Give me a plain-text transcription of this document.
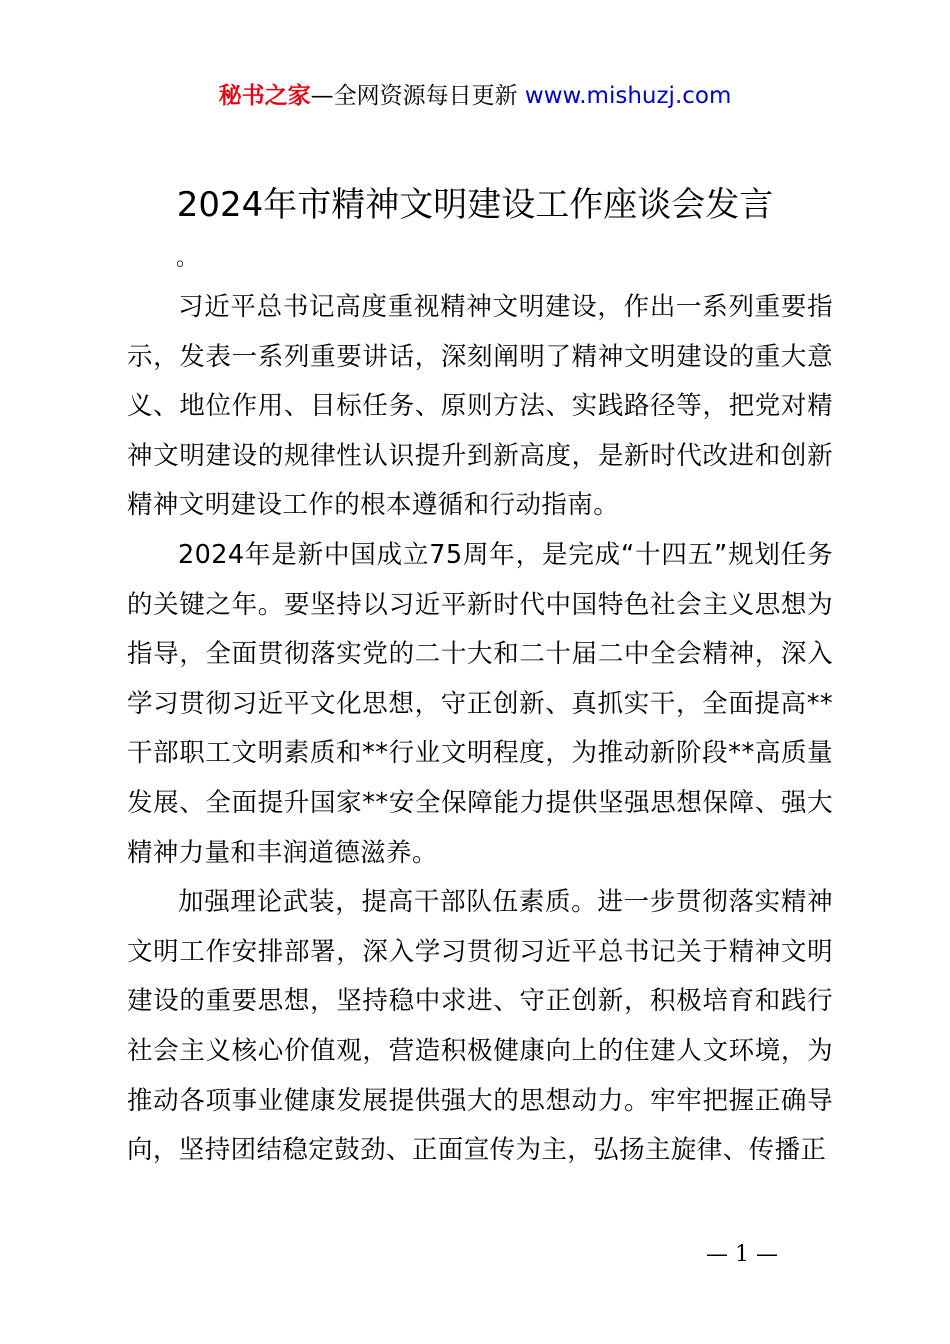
秘书之家—全网资源每日更新 www.mishuzj.com
2024年市精神文明建设工作座谈会发言
。

习近平总书记高度重视精神文明建设，作出一系列重要指示，发表一系列重要讲话，深刻阐明了精神文明建设的重大意义、地位作用、目标任务、原则方法、实践路径等，把党对精神文明建设的规律性认识提升到新高度，是新时代改进和创新精神文明建设工作的根本遵循和行动指南。

2024年是新中国成立75周年，是完成“十四五”规划任务的关键之年。要坚持以习近平新时代中国特色社会主义思想为指导，全面贯彻落实党的二十大和二十届二中全会精神，深入学习贯彻习近平文化思想，守正创新、真抓实干，全面提高**干部职工文明素质和**行业文明程度，为推动新阶段**高质量发展、全面提升国家**安全保障能力提供坚强思想保障、强大精神力量和丰润道德滋养。

加强理论武装，提高干部队伍素质。进一步贯彻落实精神文明工作安排部署，深入学习贯彻习近平总书记关于精神文明建设的重要思想，坚持稳中求进、守正创新，积极培育和践行社会主义核心价值观，营造积极健康向上的住建人文环境，为推动各项事业健康发展提供强大的思想动力。牢牢把握正确导向，坚持团结稳定鼓劲、正面宣传为主，弘扬主旋律、传播正

— 1 —
